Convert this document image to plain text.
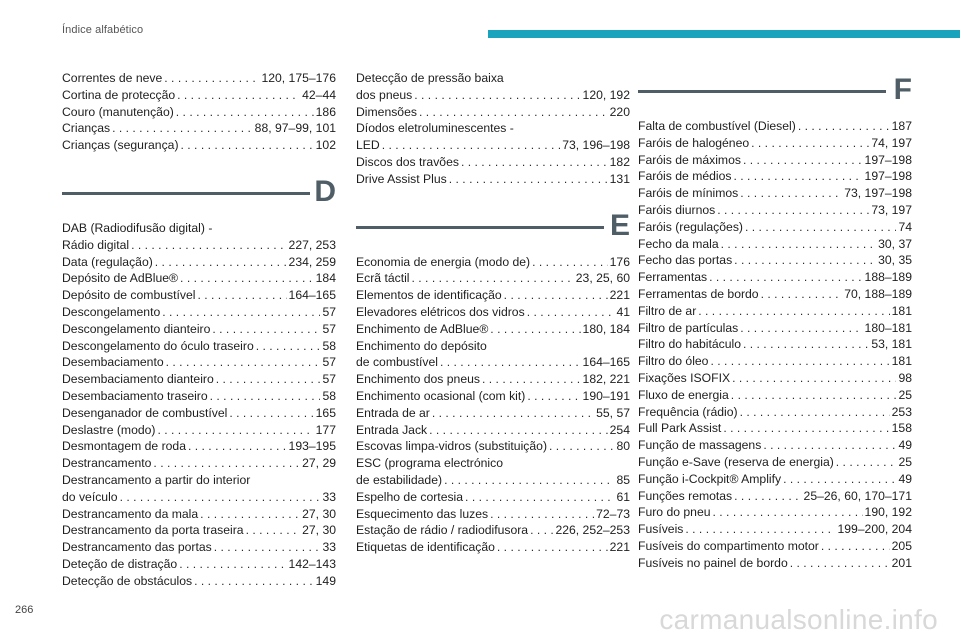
Índice alfabético
Correntes de neve . . .	120, 175–176
Cortina de protecção . . .	42–44
Couro (manutenção) . . .	186
Crianças . . .	88, 97–99, 101
Crianças (segurança) . . .	102
D
DAB (Radiodifusão digital) -
Rádio digital . . .	227, 253
Data (regulação) . . .	234, 259
Depósito de AdBlue® . . .	184
Depósito de combustível . . .	164–165
Descongelamento . . .	57
Descongelamento dianteiro . . .	57
Descongelamento do óculo traseiro . . .	58
Desembaciamento . . .	57
Desembaciamento dianteiro . . .	57
Desembaciamento traseiro . . .	58
Desenganador de combustível . . .	165
Deslastre (modo) . . .	177
Desmontagem de roda . . .	193–195
Destrancamento . . .	27, 29
Destrancamento a partir do interior
do veículo . . .	33
Destrancamento da mala . . .	27, 30
Destrancamento da porta traseira . . .	27, 30
Destrancamento das portas . . .	33
Deteção de distração . . .	142–143
Detecção de obstáculos . . .	149
Detecção de pressão baixa
dos pneus . . .	120, 192
Dimensões . . .	220
Díodos eletroluminescentes -
LED . . .	73, 196–198
Discos dos travões . . .	182
Drive Assist Plus . . .	131
E
Economia de energia (modo de) . . .	176
Ecrã táctil . . .	23, 25, 60
Elementos de identificação . . .	221
Elevadores elétricos dos vidros . . .	41
Enchimento de AdBlue® . . .	180, 184
Enchimento do depósito
de combustível . . .	164–165
Enchimento dos pneus . . .	182, 221
Enchimento ocasional (com kit) . . .	190–191
Entrada de ar . . .	55, 57
Entrada Jack . . .	254
Escovas limpa-vidros (substituição) . . .	80
ESC (programa electrónico
de estabilidade) . . .	85
Espelho de cortesia . . .	61
Esquecimento das luzes . . .	72–73
Estação de rádio / radiodifusora . . . 226, 252–253
Etiquetas de identificação . . .	221
F
Falta de combustível (Diesel) . . .	187
Faróis de halogéneo . . .	74, 197
Faróis de máximos . . .	197–198
Faróis de médios . . .	197–198
Faróis de mínimos . . .	73, 197–198
Faróis diurnos . . .	73, 197
Faróis (regulações) . . .	74
Fecho da mala . . .	30, 37
Fecho das portas . . .	30, 35
Ferramentas . . .	188–189
Ferramentas de bordo . . .	70, 188–189
Filtro de ar . . .	181
Filtro de partículas . . .	180–181
Filtro do habitáculo . . .	53, 181
Filtro do óleo . . .	181
Fixações ISOFIX . . .	98
Fluxo de energia . . .	25
Frequência (rádio) . . .	253
Full Park Assist . . .	158
Função de massagens . . .	49
Função e-Save (reserva de energia) . . .	25
Função i-Cockpit® Amplify . . .	49
Funções remotas . . .	25–26, 60, 170–171
Furo do pneu . . .	190, 192
Fusíveis . . .	199–200, 204
Fusíveis do compartimento motor . . .	205
Fusíveis no painel de bordo . . .	201
266	carmanualsonline.info
